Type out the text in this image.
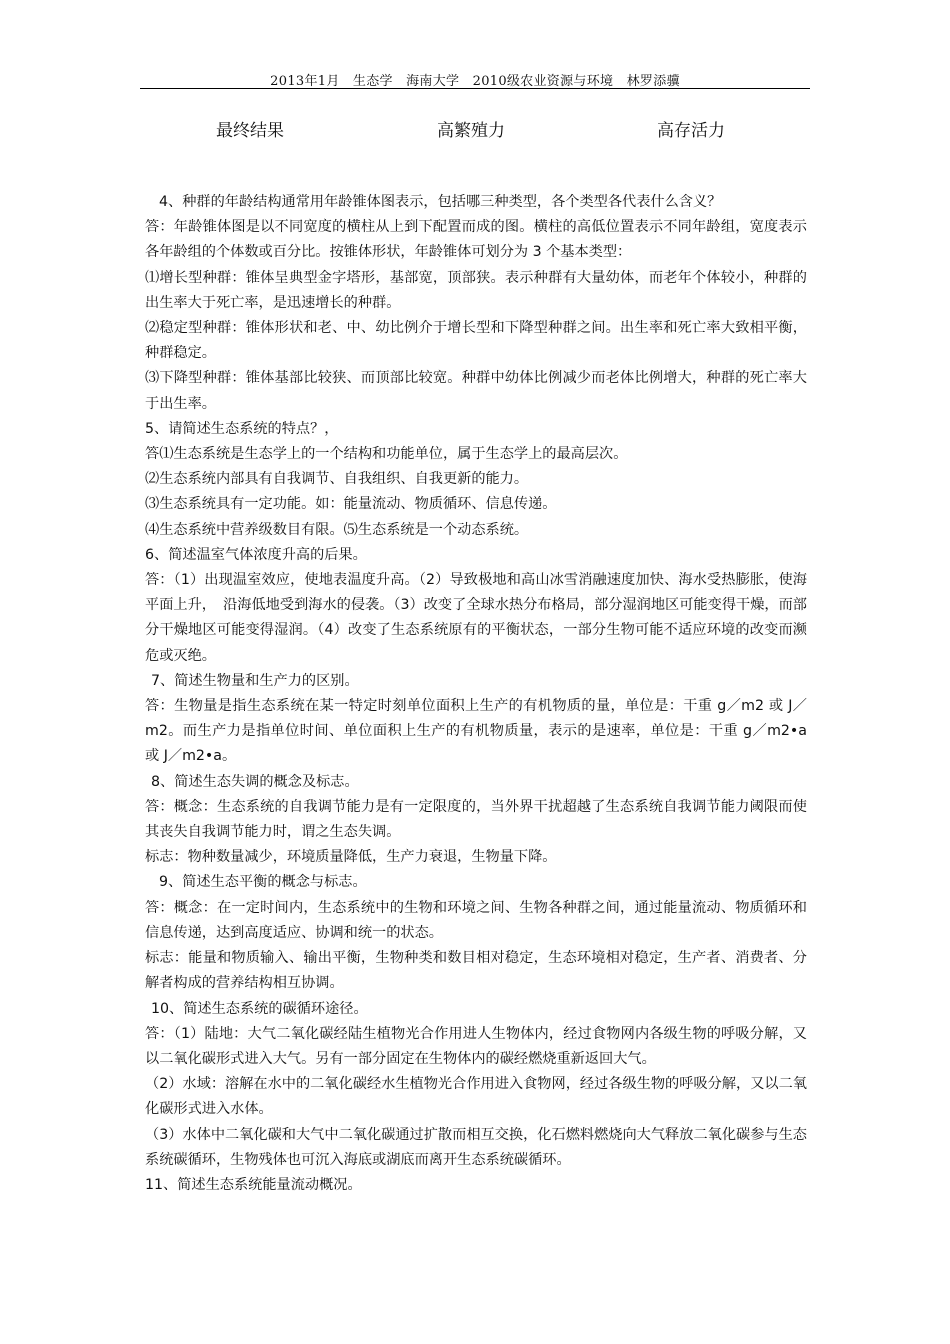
2013年1月　生态学　海南大学　2010级农业资源与环境　林罗添骥
最终结果	高繁殖力	高存活力

4、种群的年龄结构通常用年龄锥体图表示，包括哪三种类型，各个类型各代表什么含义？

答：年龄锥体图是以不同宽度的横柱从上到下配置而成的图。横柱的高低位置表示不同年龄组，宽度表示各年龄组的个体数或百分比。按锥体形状，年龄锥体可划分为 3 个基本类型：

⑴增长型种群：锥体呈典型金字塔形，基部宽，顶部狭。表示种群有大量幼体，而老年个体较小，种群的出生率大于死亡率，是迅速增长的种群。

⑵稳定型种群：锥体形状和老、中、幼比例介于增长型和下降型种群之间。出生率和死亡率大致相平衡，种群稳定。

⑶下降型种群：锥体基部比较狭、而顶部比较宽。种群中幼体比例减少而老体比例增大，种群的死亡率大于出生率。

5、请简述生态系统的特点？，

答⑴生态系统是生态学上的一个结构和功能单位，属于生态学上的最高层次。

⑵生态系统内部具有自我调节、自我组织、自我更新的能力。

⑶生态系统具有一定功能。如：能量流动、物质循环、信息传递。

⑷生态系统中营养级数目有限。⑸生态系统是一个动态系统。

6、简述温室气体浓度升高的后果。

答：（1）出现温室效应，使地表温度升高。（2）导致极地和高山冰雪消融速度加快、海水受热膨胀，使海平面上升，　沿海低地受到海水的侵袭。（3）改变了全球水热分布格局，部分湿润地区可能变得干燥，而部分干燥地区可能变得湿润。（4）改变了生态系统原有的平衡状态，一部分生物可能不适应环境的改变而濒危或灭绝。

7、简述生物量和生产力的区别。

答：生物量是指生态系统在某一特定时刻单位面积上生产的有机物质的量，单位是：干重 g／m2 或 J／m2。而生产力是指单位时间、单位面积上生产的有机物质量，表示的是速率，单位是：干重 g／m2•a 或 J／m2•a。

8、简述生态失调的概念及标志。

答：概念：生态系统的自我调节能力是有一定限度的，当外界干扰超越了生态系统自我调节能力阈限而使其丧失自我调节能力时，谓之生态失调。

标志：物种数量减少，环境质量降低，生产力衰退，生物量下降。

9、简述生态平衡的概念与标志。

答：概念：在一定时间内，生态系统中的生物和环境之间、生物各种群之间，通过能量流动、物质循环和信息传递，达到高度适应、协调和统一的状态。

标志：能量和物质输入、输出平衡，生物种类和数目相对稳定，生态环境相对稳定，生产者、消费者、分解者构成的营养结构相互协调。

10、简述生态系统的碳循环途径。

答：（1）陆地：大气二氧化碳经陆生植物光合作用进人生物体内，经过食物网内各级生物的呼吸分解，又以二氧化碳形式进入大气。另有一部分固定在生物体内的碳经燃烧重新返回大气。

（2）水域：溶解在水中的二氧化碳经水生植物光合作用进入食物网，经过各级生物的呼吸分解，又以二氧化碳形式进入水体。

（3）水体中二氧化碳和大气中二氧化碳通过扩散而相互交换，化石燃料燃烧向大气释放二氧化碳参与生态系统碳循环，生物残体也可沉入海底或湖底而离开生态系统碳循环。

11、简述生态系统能量流动概况。
